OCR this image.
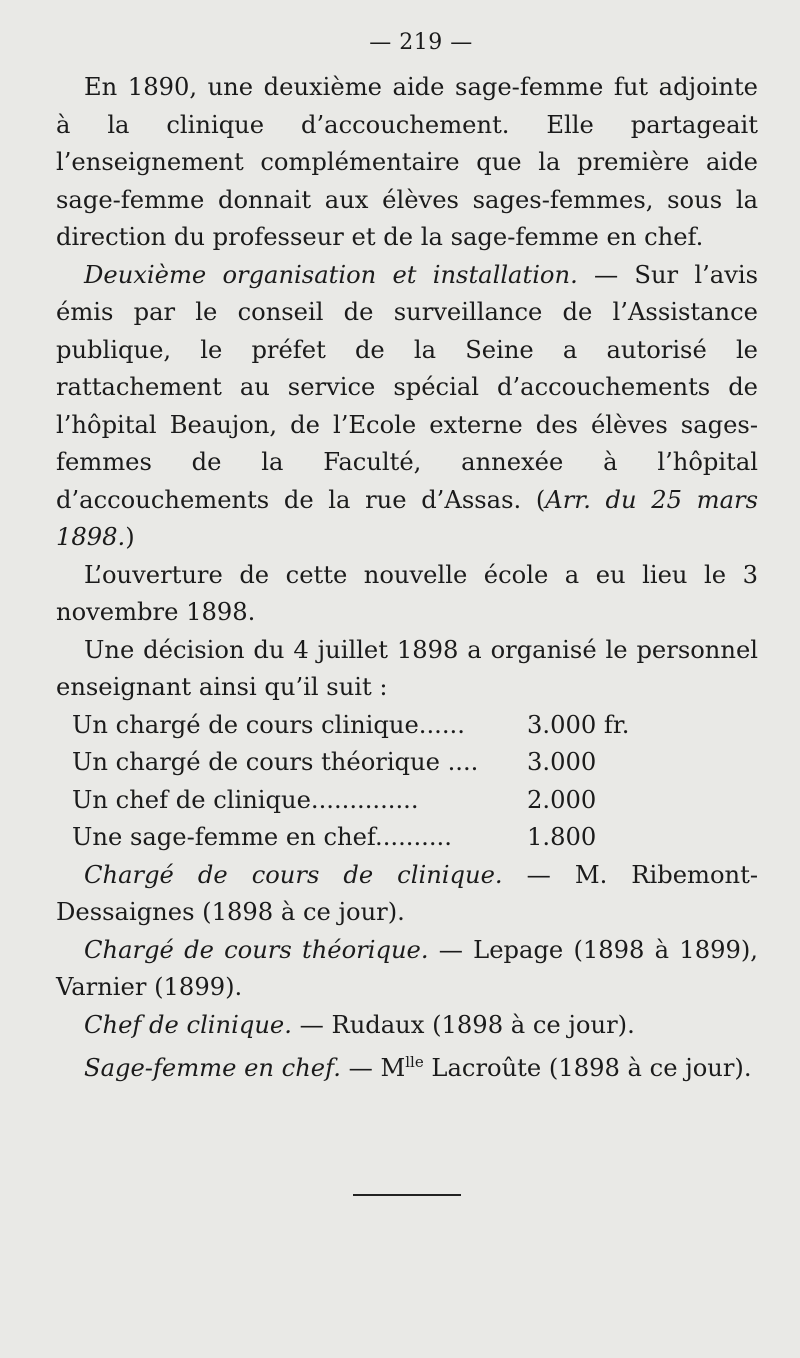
— 219 —

En 1890, une deuxième aide sage-femme fut adjointe à la clinique d’accouchement. Elle partageait l’enseignement complémentaire que la première aide sage-femme donnait aux élèves sages-femmes, sous la direction du professeur et de la sage-femme en chef.

Deuxième organisation et installation. — Sur l’avis émis par le conseil de surveillance de l’Assistance publique, le préfet de la Seine a autorisé le rattachement au service spécial d’accouchements de l’hôpital Beaujon, de l’Ecole externe des élèves sages-femmes de la Faculté, annexée à l’hôpital d’accouchements de la rue d’Assas. (Arr. du 25 mars 1898.)

L’ouverture de cette nouvelle école a eu lieu le 3 novembre 1898.

Une décision du 4 juillet 1898 a organisé le personnel enseignant ainsi qu’il suit :

Un chargé de cours clinique......	3.000 fr.
Un chargé de cours théorique ....	3.000
Un chef de clinique..............	2.000
Une sage-femme en chef..........	1.800

Chargé de cours de clinique. — M. Ribemont-Dessaignes (1898 à ce jour).

Chargé de cours théorique. — Lepage (1898 à 1899), Varnier (1899).

Chef de clinique. — Rudaux (1898 à ce jour).

Sage-femme en chef. — $M^{lle}$ Lacroûte (1898 à ce jour).
